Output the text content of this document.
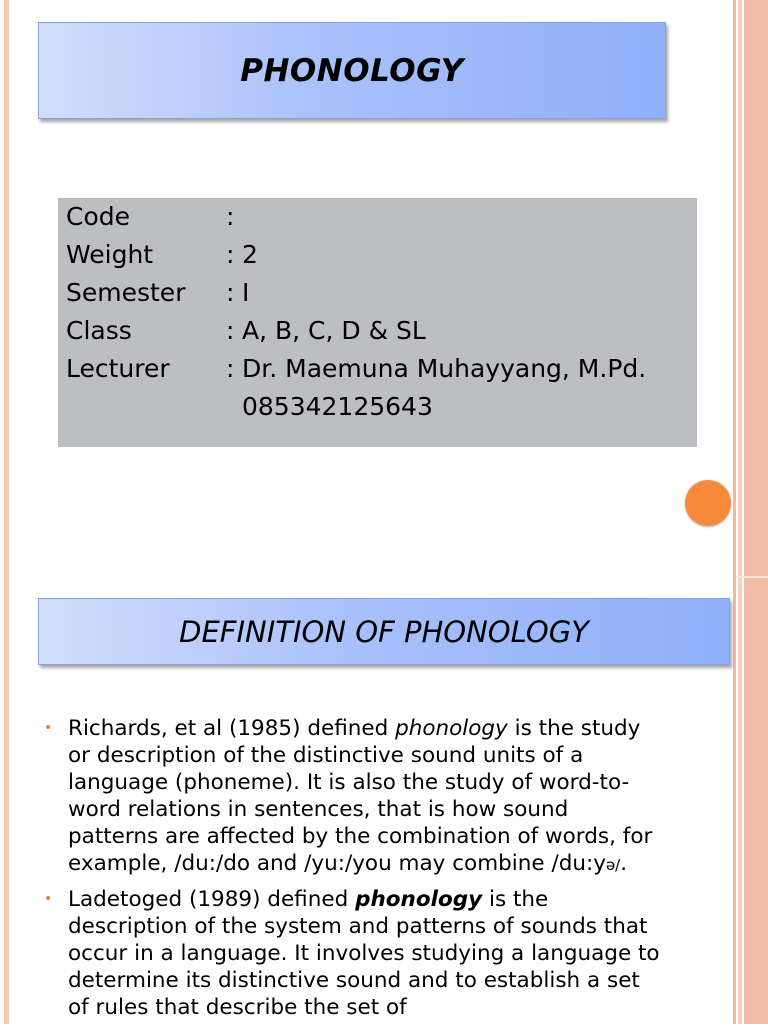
PHONOLOGY
Code	:
Weight	: 2
Semester : I
Class	: A, B, C, D & SL
Lecturer : Dr. Maemuna Muhayyang, M.Pd.
085342125643
DEFINITION OF PHONOLOGY
• Richards, et al (1985) defined phonology is the study or description of the distinctive sound units of a language (phoneme). It is also the study of word-to-word relations in sentences, that is how sound patterns are affected by the combination of words, for example, /du:/do and /yu:/you may combine /du:yə/.
• Ladetoged (1989) defined phonology is the description of the system and patterns of sounds that occur in a language. It involves studying a language to determine its distinctive sound and to establish a set of rules that describe the set of
